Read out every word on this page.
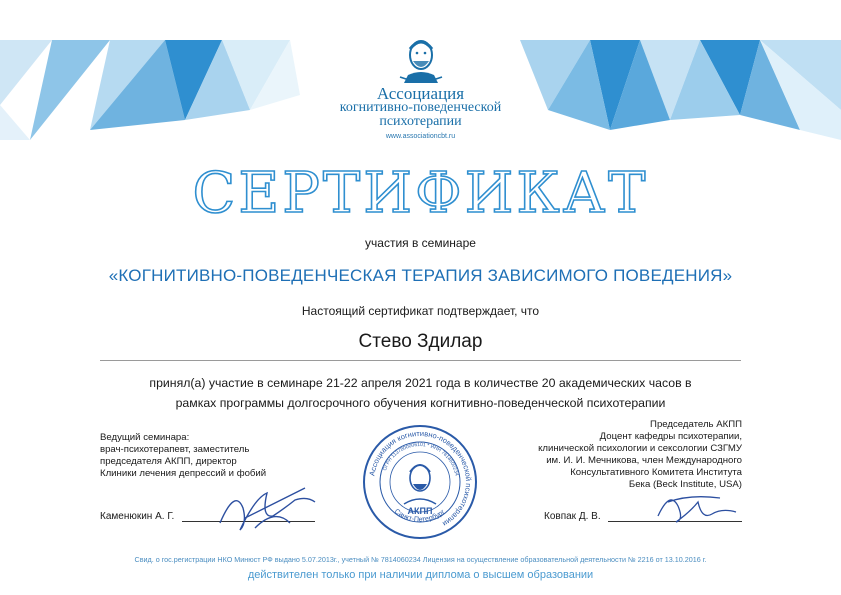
Ассоциация
когнитивно-поведенческой
психотерапии
www.associationcbt.ru
СЕРТИФИКАТ
участия в семинаре
«КОГНИТИВНО-ПОВЕДЕНЧЕСКАЯ ТЕРАПИЯ ЗАВИСИМОГО ПОВЕДЕНИЯ»
Настоящий сертификат подтверждает, что
Стево Здилар
принял(а) участие в семинаре 21-22 апреля 2021 года в количестве 20 академических часов в
рамках программы долгосрочного обучения когнитивно-поведенческой психотерапии
Ведущий семинара:
врач-психотерапевт, заместитель
председателя АКПП, директор
Клиники лечения депрессий и фобий
Каменюкин А. Г.
Председатель АКПП
Доцент кафедры психотерапии,
клинической психологии и сексологии СЗГМУ
им. И. И. Мечникова, член Международного
Консультативного Комитета Института
Бека (Beck Institute, USA)
Ковпак Д. В.
Ассоциация когнитивно-поведенческой психотерапии
ОГРН 1137800006101 * ИНН 7814600234
АКПП
Санкт-Петербург
Свид. о гос.регистрации НКО Минюст РФ выдано 5.07.2013г., учетный № 7814060234 Лицензия на осуществление образовательной деятельности № 2216 от 13.10.2016 г.
действителен только при наличии диплома о высшем образовании
